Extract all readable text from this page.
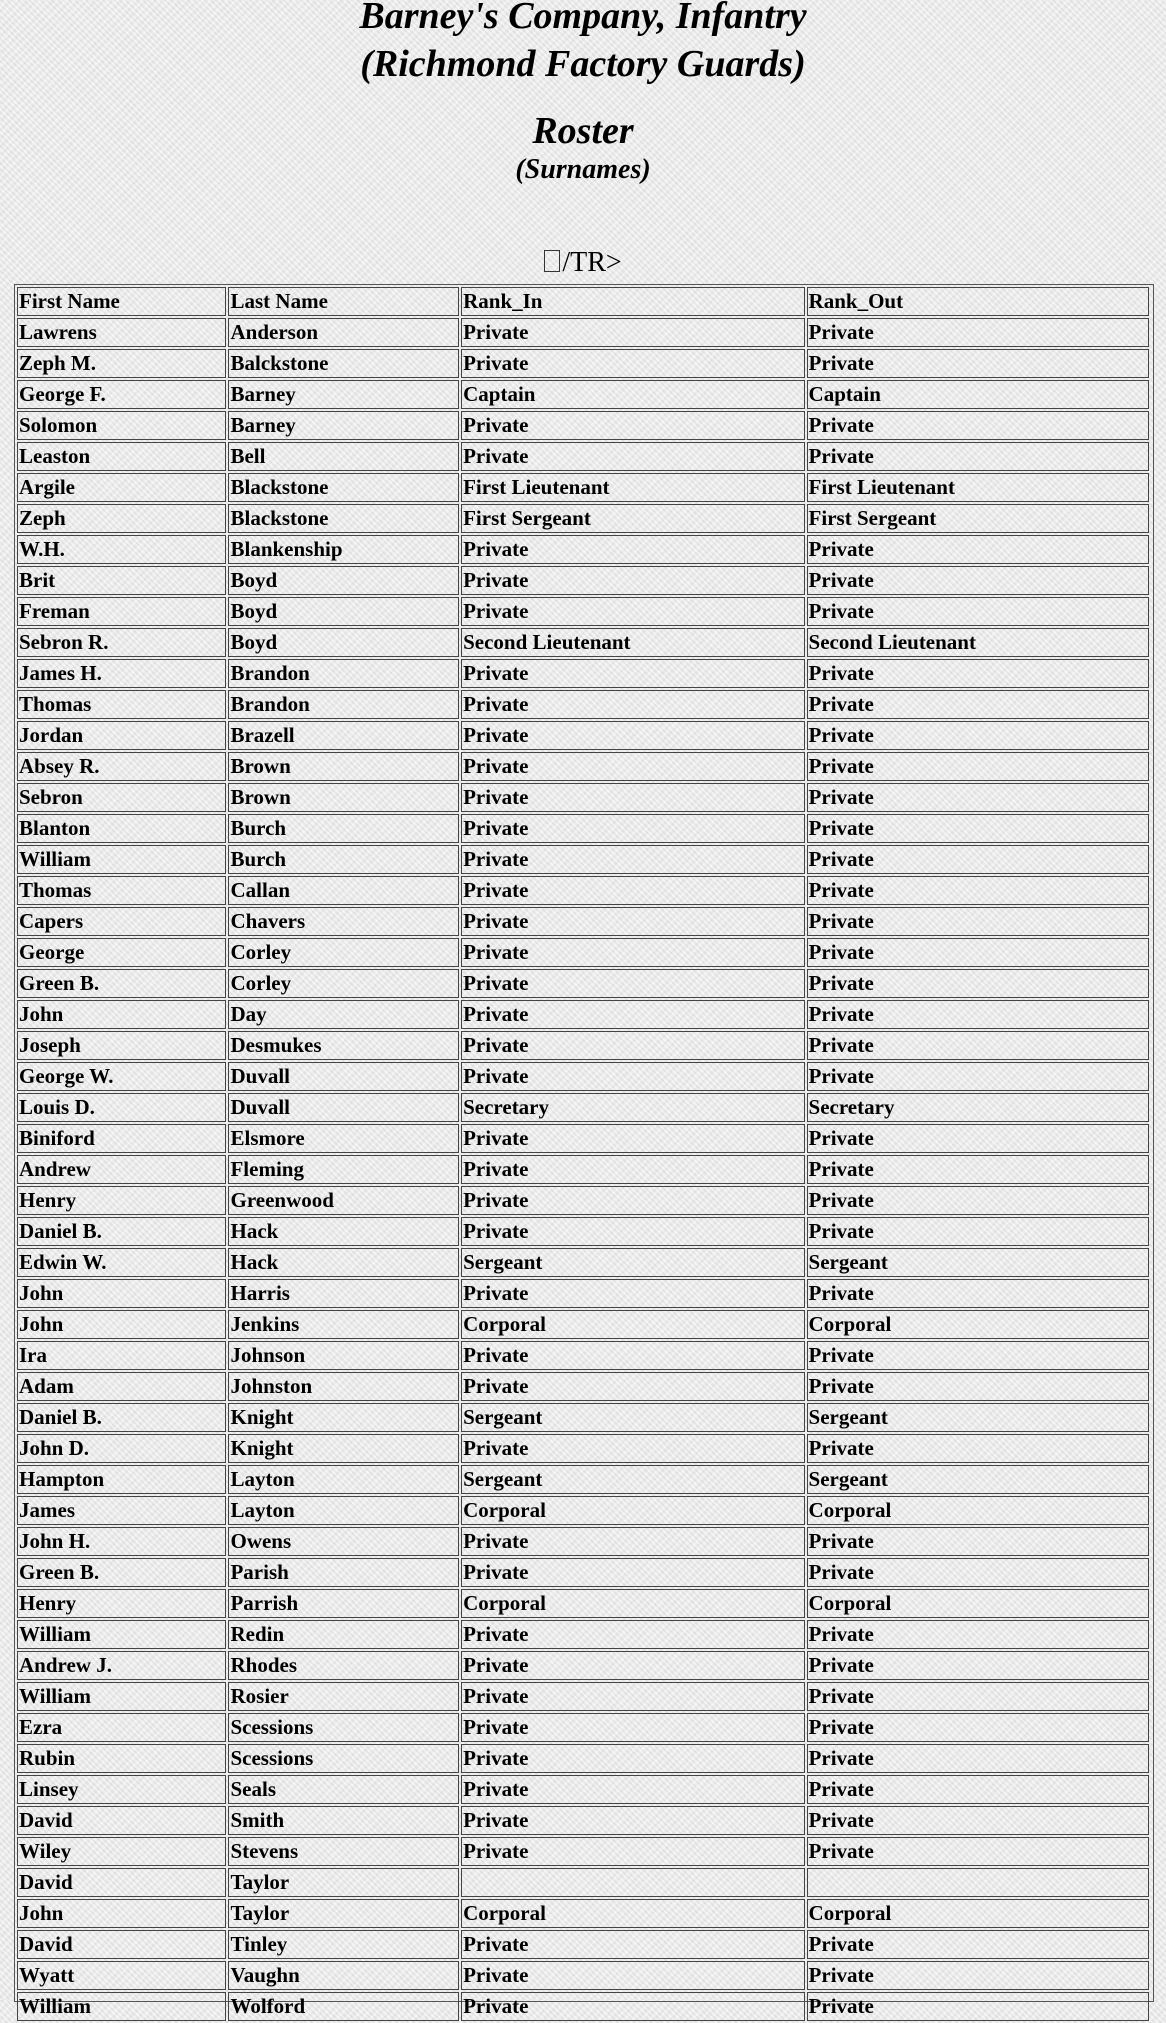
Barney's Company, Infantry
(Richmond Factory Guards)

Roster

(Surnames)

/TR>

First Name	Last Name	Rank_In	Rank_Out
Lawrens	Anderson	Private	Private
Zeph M.	Balckstone	Private	Private
George F.	Barney	Captain	Captain
Solomon	Barney	Private	Private
Leaston	Bell	Private	Private
Argile	Blackstone	First Lieutenant	First Lieutenant
Zeph	Blackstone	First Sergeant	First Sergeant
W.H.	Blankenship	Private	Private
Brit	Boyd	Private	Private
Freman	Boyd	Private	Private
Sebron R.	Boyd	Second Lieutenant	Second Lieutenant
James H.	Brandon	Private	Private
Thomas	Brandon	Private	Private
Jordan	Brazell	Private	Private
Absey R.	Brown	Private	Private
Sebron	Brown	Private	Private
Blanton	Burch	Private	Private
William	Burch	Private	Private
Thomas	Callan	Private	Private
Capers	Chavers	Private	Private
George	Corley	Private	Private
Green B.	Corley	Private	Private
John	Day	Private	Private
Joseph	Desmukes	Private	Private
George W.	Duvall	Private	Private
Louis D.	Duvall	Secretary	Secretary
Biniford	Elsmore	Private	Private
Andrew	Fleming	Private	Private
Henry	Greenwood	Private	Private
Daniel B.	Hack	Private	Private
Edwin W.	Hack	Sergeant	Sergeant
John	Harris	Private	Private
John	Jenkins	Corporal	Corporal
Ira	Johnson	Private	Private
Adam	Johnston	Private	Private
Daniel B.	Knight	Sergeant	Sergeant
John D.	Knight	Private	Private
Hampton	Layton	Sergeant	Sergeant
James	Layton	Corporal	Corporal
John H.	Owens	Private	Private
Green B.	Parish	Private	Private
Henry	Parrish	Corporal	Corporal
William	Redin	Private	Private
Andrew J.	Rhodes	Private	Private
William	Rosier	Private	Private
Ezra	Scessions	Private	Private
Rubin	Scessions	Private	Private
Linsey	Seals	Private	Private
David	Smith	Private	Private
Wiley	Stevens	Private	Private
David	Taylor		
John	Taylor	Corporal	Corporal
David	Tinley	Private	Private
Wyatt	Vaughn	Private	Private
William	Wolford	Private	Private
